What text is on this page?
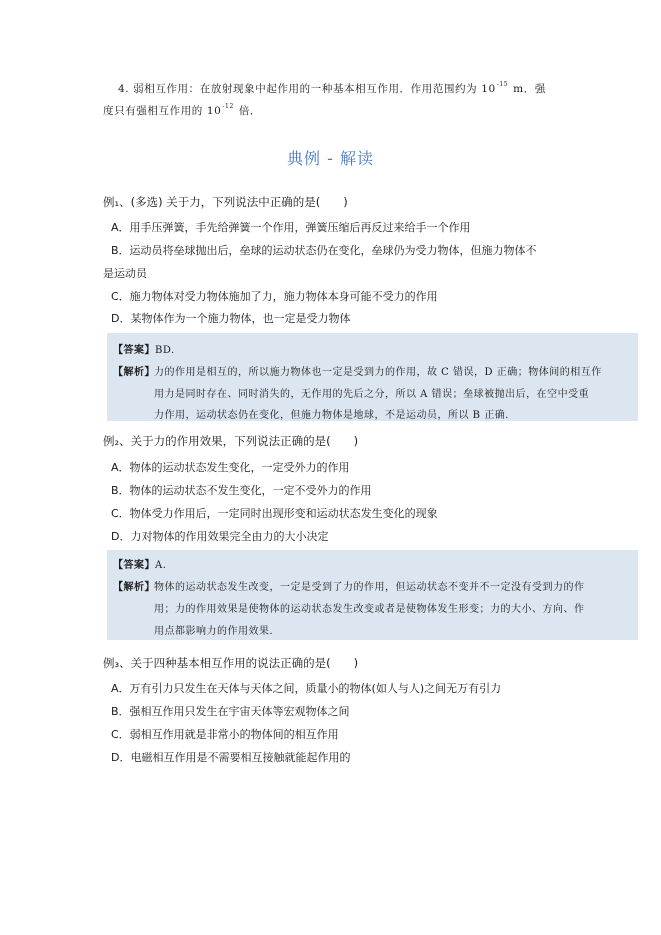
4. 弱相互作用：在放射现象中起作用的一种基本相互作用．作用范围约为 $10^{-15}$ m．强
度只有强相互作用的 $10^{-12}$ 倍．
典例 - 解读
例₁、(多选) 关于力，下列说法中正确的是(　　)
A．用手压弹簧，手先给弹簧一个作用，弹簧压缩后再反过来给手一个作用
B．运动员将垒球抛出后，垒球的运动状态仍在变化，垒球仍为受力物体，但施力物体不
是运动员
C．施力物体对受力物体施加了力，施力物体本身可能不受力的作用
D．某物体作为一个施力物体，也一定是受力物体
【答案】BD.
【解析】 力的作用是相互的，所以施力物体也一定是受到力的作用，故 C 错误，D 正确；物体间的相互作
用力是同时存在、同时消失的，无作用的先后之分，所以 A 错误；垒球被抛出后，在空中受重
力作用，运动状态仍在变化，但施力物体是地球，不是运动员，所以 B 正确．
例₂、关于力的作用效果，下列说法正确的是(　　)
A．物体的运动状态发生变化，一定受外力的作用
B．物体的运动状态不发生变化，一定不受外力的作用
C．物体受力作用后，一定同时出现形变和运动状态发生变化的现象
D．力对物体的作用效果完全由力的大小决定
【答案】A.
【解析】 物体的运动状态发生改变，一定是受到了力的作用，但运动状态不变并不一定没有受到力的作
用；力的作用效果是使物体的运动状态发生改变或者是使物体发生形变；力的大小、方向、作
用点都影响力的作用效果．
例₃、关于四种基本相互作用的说法正确的是(　　)
A．万有引力只发生在天体与天体之间，质量小的物体(如人与人)之间无万有引力
B．强相互作用只发生在宇宙天体等宏观物体之间
C．弱相互作用就是非常小的物体间的相互作用
D．电磁相互作用是不需要相互接触就能起作用的
